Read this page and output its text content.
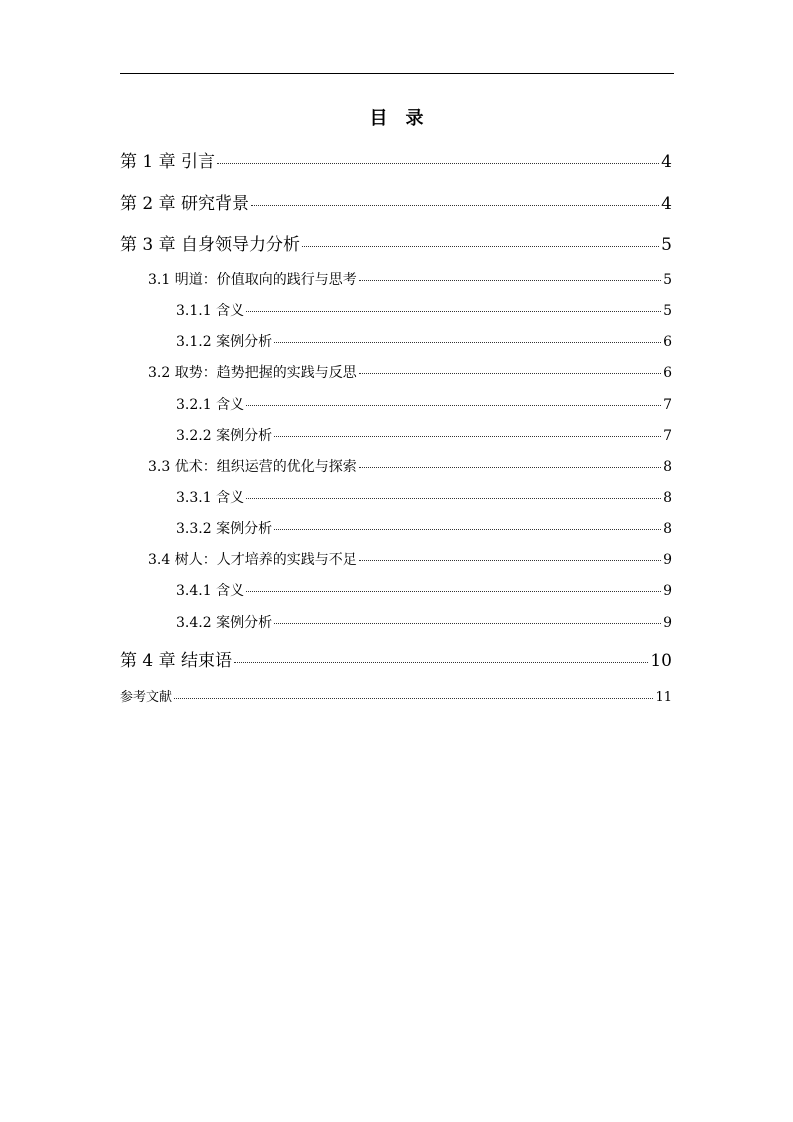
目　录
第 1 章 引言	4
第 2 章 研究背景	4
第 3 章 自身领导力分析	5
3.1 明道：价值取向的践行与思考	5
3.1.1 含义	5
3.1.2 案例分析	6
3.2 取势：趋势把握的实践与反思	6
3.2.1 含义	7
3.2.2 案例分析	7
3.3 优术：组织运营的优化与探索	8
3.3.1 含义	8
3.3.2 案例分析	8
3.4 树人：人才培养的实践与不足	9
3.4.1 含义	9
3.4.2 案例分析	9
第 4 章 结束语	10
参考文献	11
